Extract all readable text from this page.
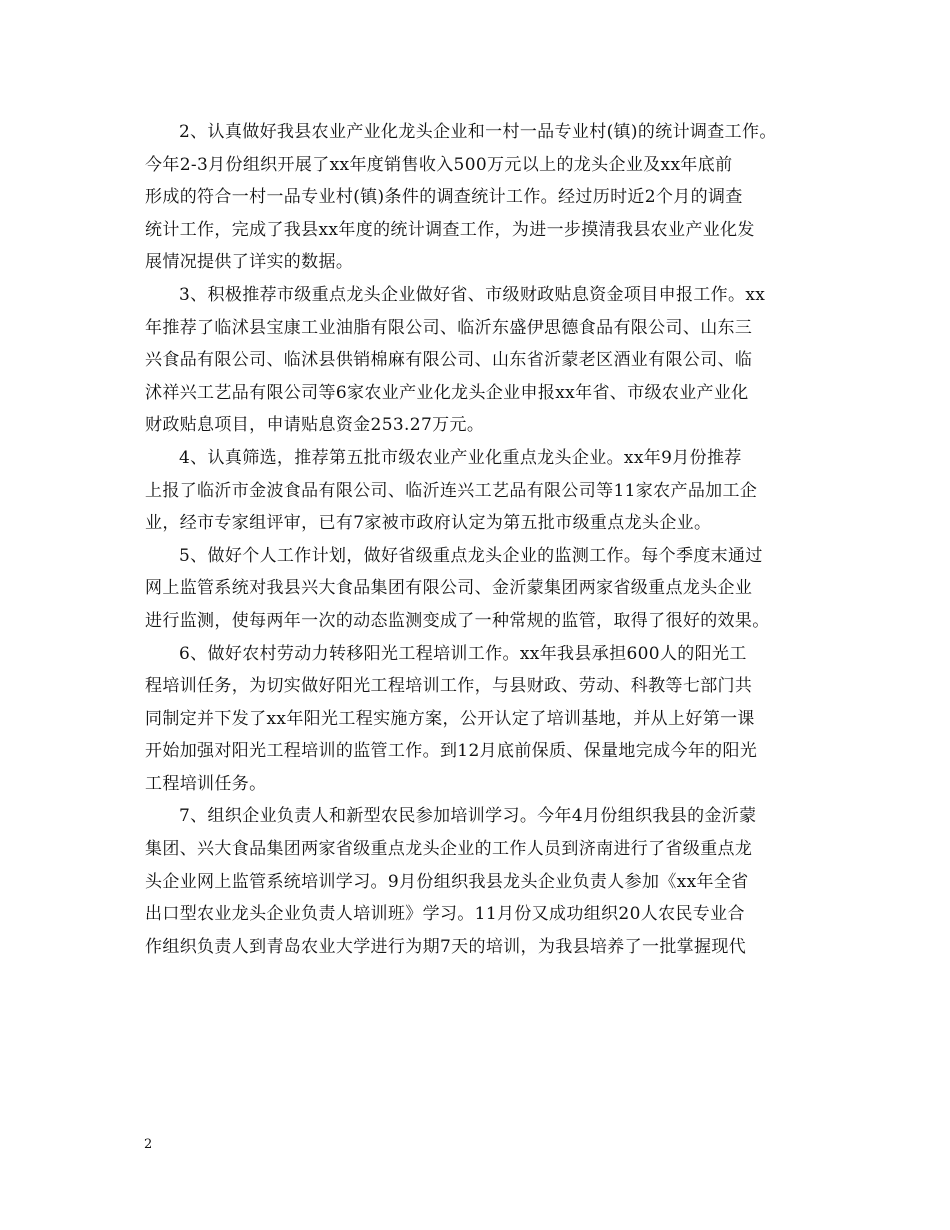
2、认真做好我县农业产业化龙头企业和一村一品专业村(镇)的统计调查工作。
今年2-3月份组织开展了xx年度销售收入500万元以上的龙头企业及xx年底前
形成的符合一村一品专业村(镇)条件的调查统计工作。经过历时近2个月的调查
统计工作，完成了我县xx年度的统计调查工作，为进一步摸清我县农业产业化发
展情况提供了详实的数据。

3、积极推荐市级重点龙头企业做好省、市级财政贴息资金项目申报工作。xx
年推荐了临沭县宝康工业油脂有限公司、临沂东盛伊思德食品有限公司、山东三
兴食品有限公司、临沭县供销棉麻有限公司、山东省沂蒙老区酒业有限公司、临
沭祥兴工艺品有限公司等6家农业产业化龙头企业申报xx年省、市级农业产业化
财政贴息项目，申请贴息资金253.27万元。

4、认真筛选，推荐第五批市级农业产业化重点龙头企业。xx年9月份推荐
上报了临沂市金波食品有限公司、临沂连兴工艺品有限公司等11家农产品加工企
业，经市专家组评审，已有7家被市政府认定为第五批市级重点龙头企业。

5、做好个人工作计划，做好省级重点龙头企业的监测工作。每个季度末通过
网上监管系统对我县兴大食品集团有限公司、金沂蒙集团两家省级重点龙头企业
进行监测，使每两年一次的动态监测变成了一种常规的监管，取得了很好的效果。

6、做好农村劳动力转移阳光工程培训工作。xx年我县承担600人的阳光工
程培训任务，为切实做好阳光工程培训工作，与县财政、劳动、科教等七部门共
同制定并下发了xx年阳光工程实施方案，公开认定了培训基地，并从上好第一课
开始加强对阳光工程培训的监管工作。到12月底前保质、保量地完成今年的阳光
工程培训任务。

7、组织企业负责人和新型农民参加培训学习。今年4月份组织我县的金沂蒙
集团、兴大食品集团两家省级重点龙头企业的工作人员到济南进行了省级重点龙
头企业网上监管系统培训学习。9月份组织我县龙头企业负责人参加《xx年全省
出口型农业龙头企业负责人培训班》学习。11月份又成功组织20人农民专业合
作组织负责人到青岛农业大学进行为期7天的培训，为我县培养了一批掌握现代

2
